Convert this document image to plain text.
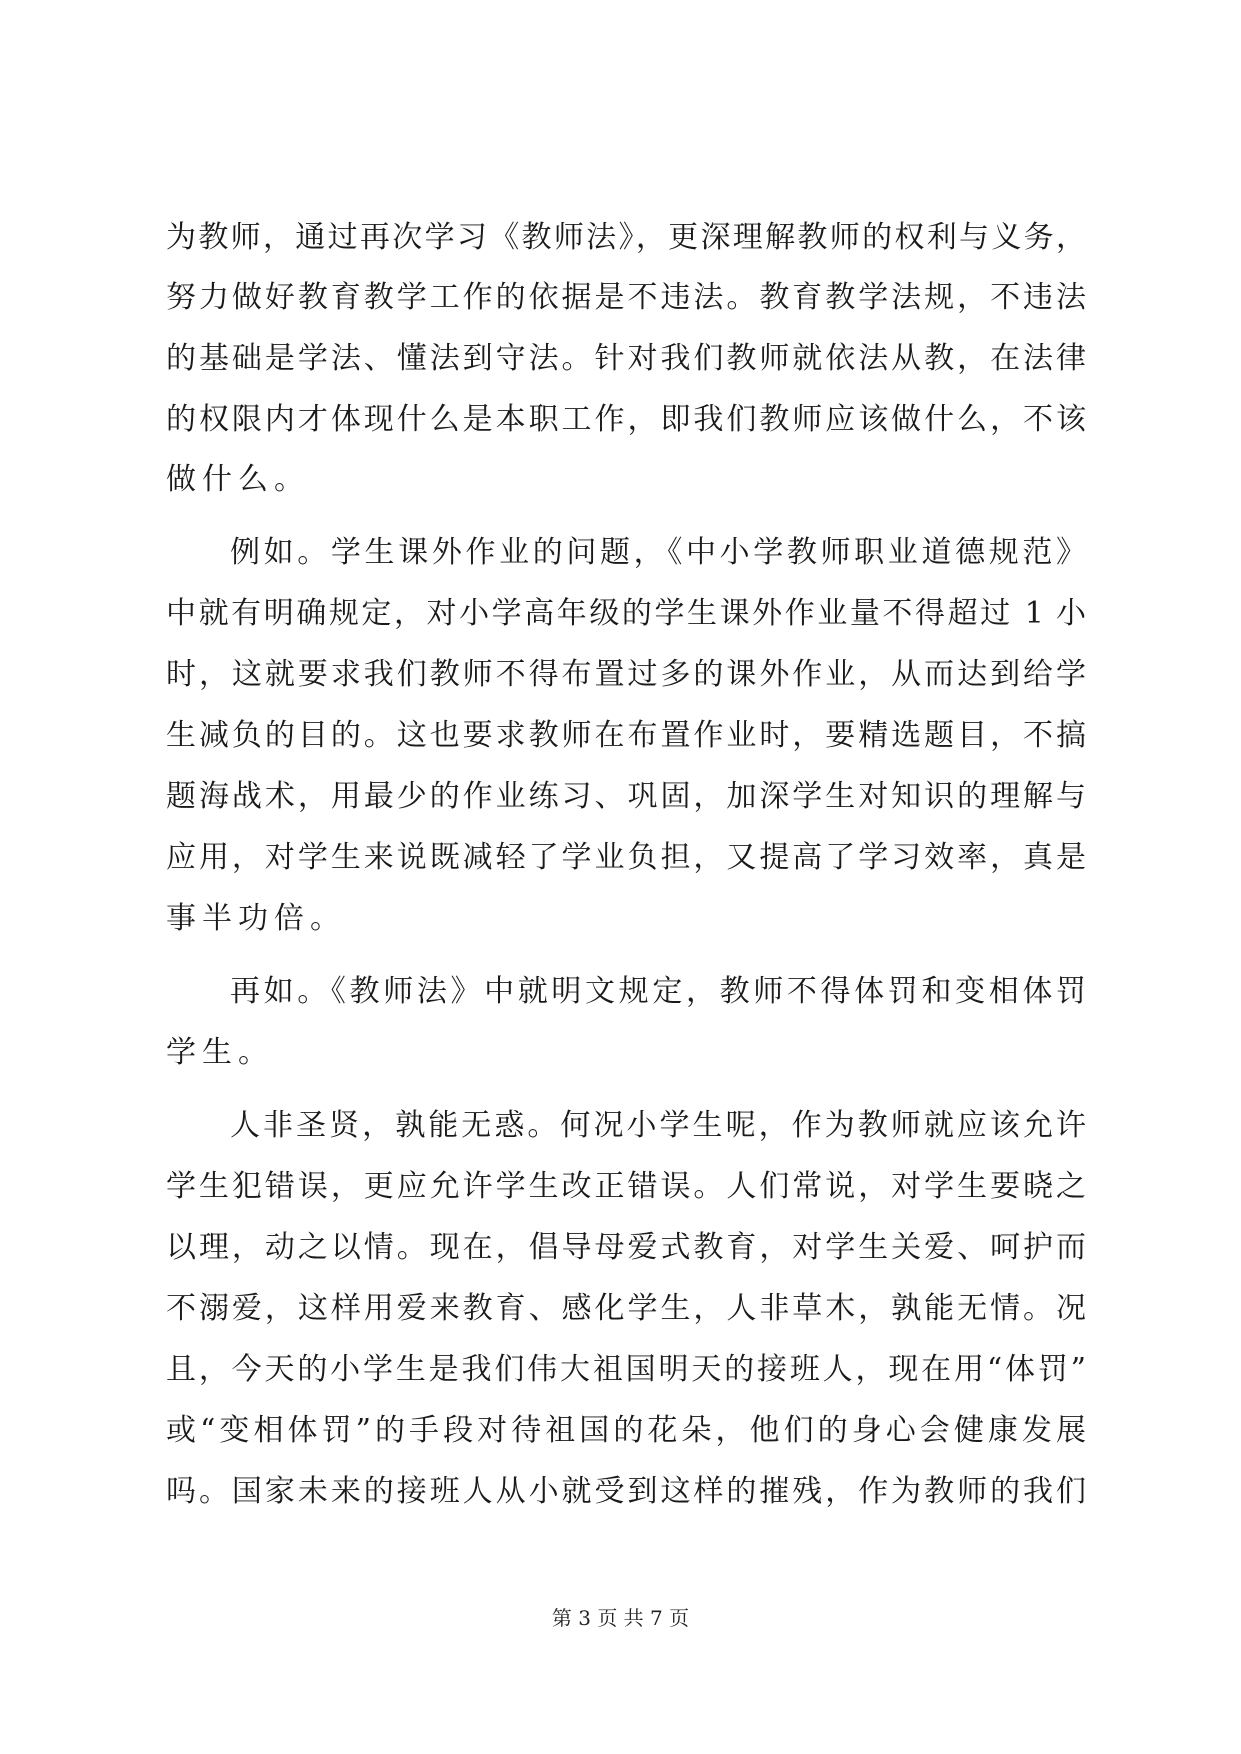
为教师，通过再次学习《教师法》，更深理解教师的权利与义务，
努力做好教育教学工作的依据是不违法。教育教学法规，不违法
的基础是学法、懂法到守法。针对我们教师就依法从教，在法律
的权限内才体现什么是本职工作，即我们教师应该做什么，不该
做什么。
例如。学生课外作业的问题，《中小学教师职业道德规范》
中就有明确规定，对小学高年级的学生课外作业量不得超过 1 小
时，这就要求我们教师不得布置过多的课外作业，从而达到给学
生减负的目的。这也要求教师在布置作业时，要精选题目，不搞
题海战术，用最少的作业练习、巩固，加深学生对知识的理解与
应用，对学生来说既减轻了学业负担，又提高了学习效率，真是
事半功倍。
再如。《教师法》中就明文规定，教师不得体罚和变相体罚
学生。
人非圣贤，孰能无惑。何况小学生呢，作为教师就应该允许
学生犯错误，更应允许学生改正错误。人们常说，对学生要晓之
以理，动之以情。现在，倡导母爱式教育，对学生关爱、呵护而
不溺爱，这样用爱来教育、感化学生，人非草木，孰能无情。况
且，今天的小学生是我们伟大祖国明天的接班人，现在用“体罚”
或“变相体罚”的手段对待祖国的花朵，他们的身心会健康发展
吗。国家未来的接班人从小就受到这样的摧残，作为教师的我们
第 3 页 共 7 页
